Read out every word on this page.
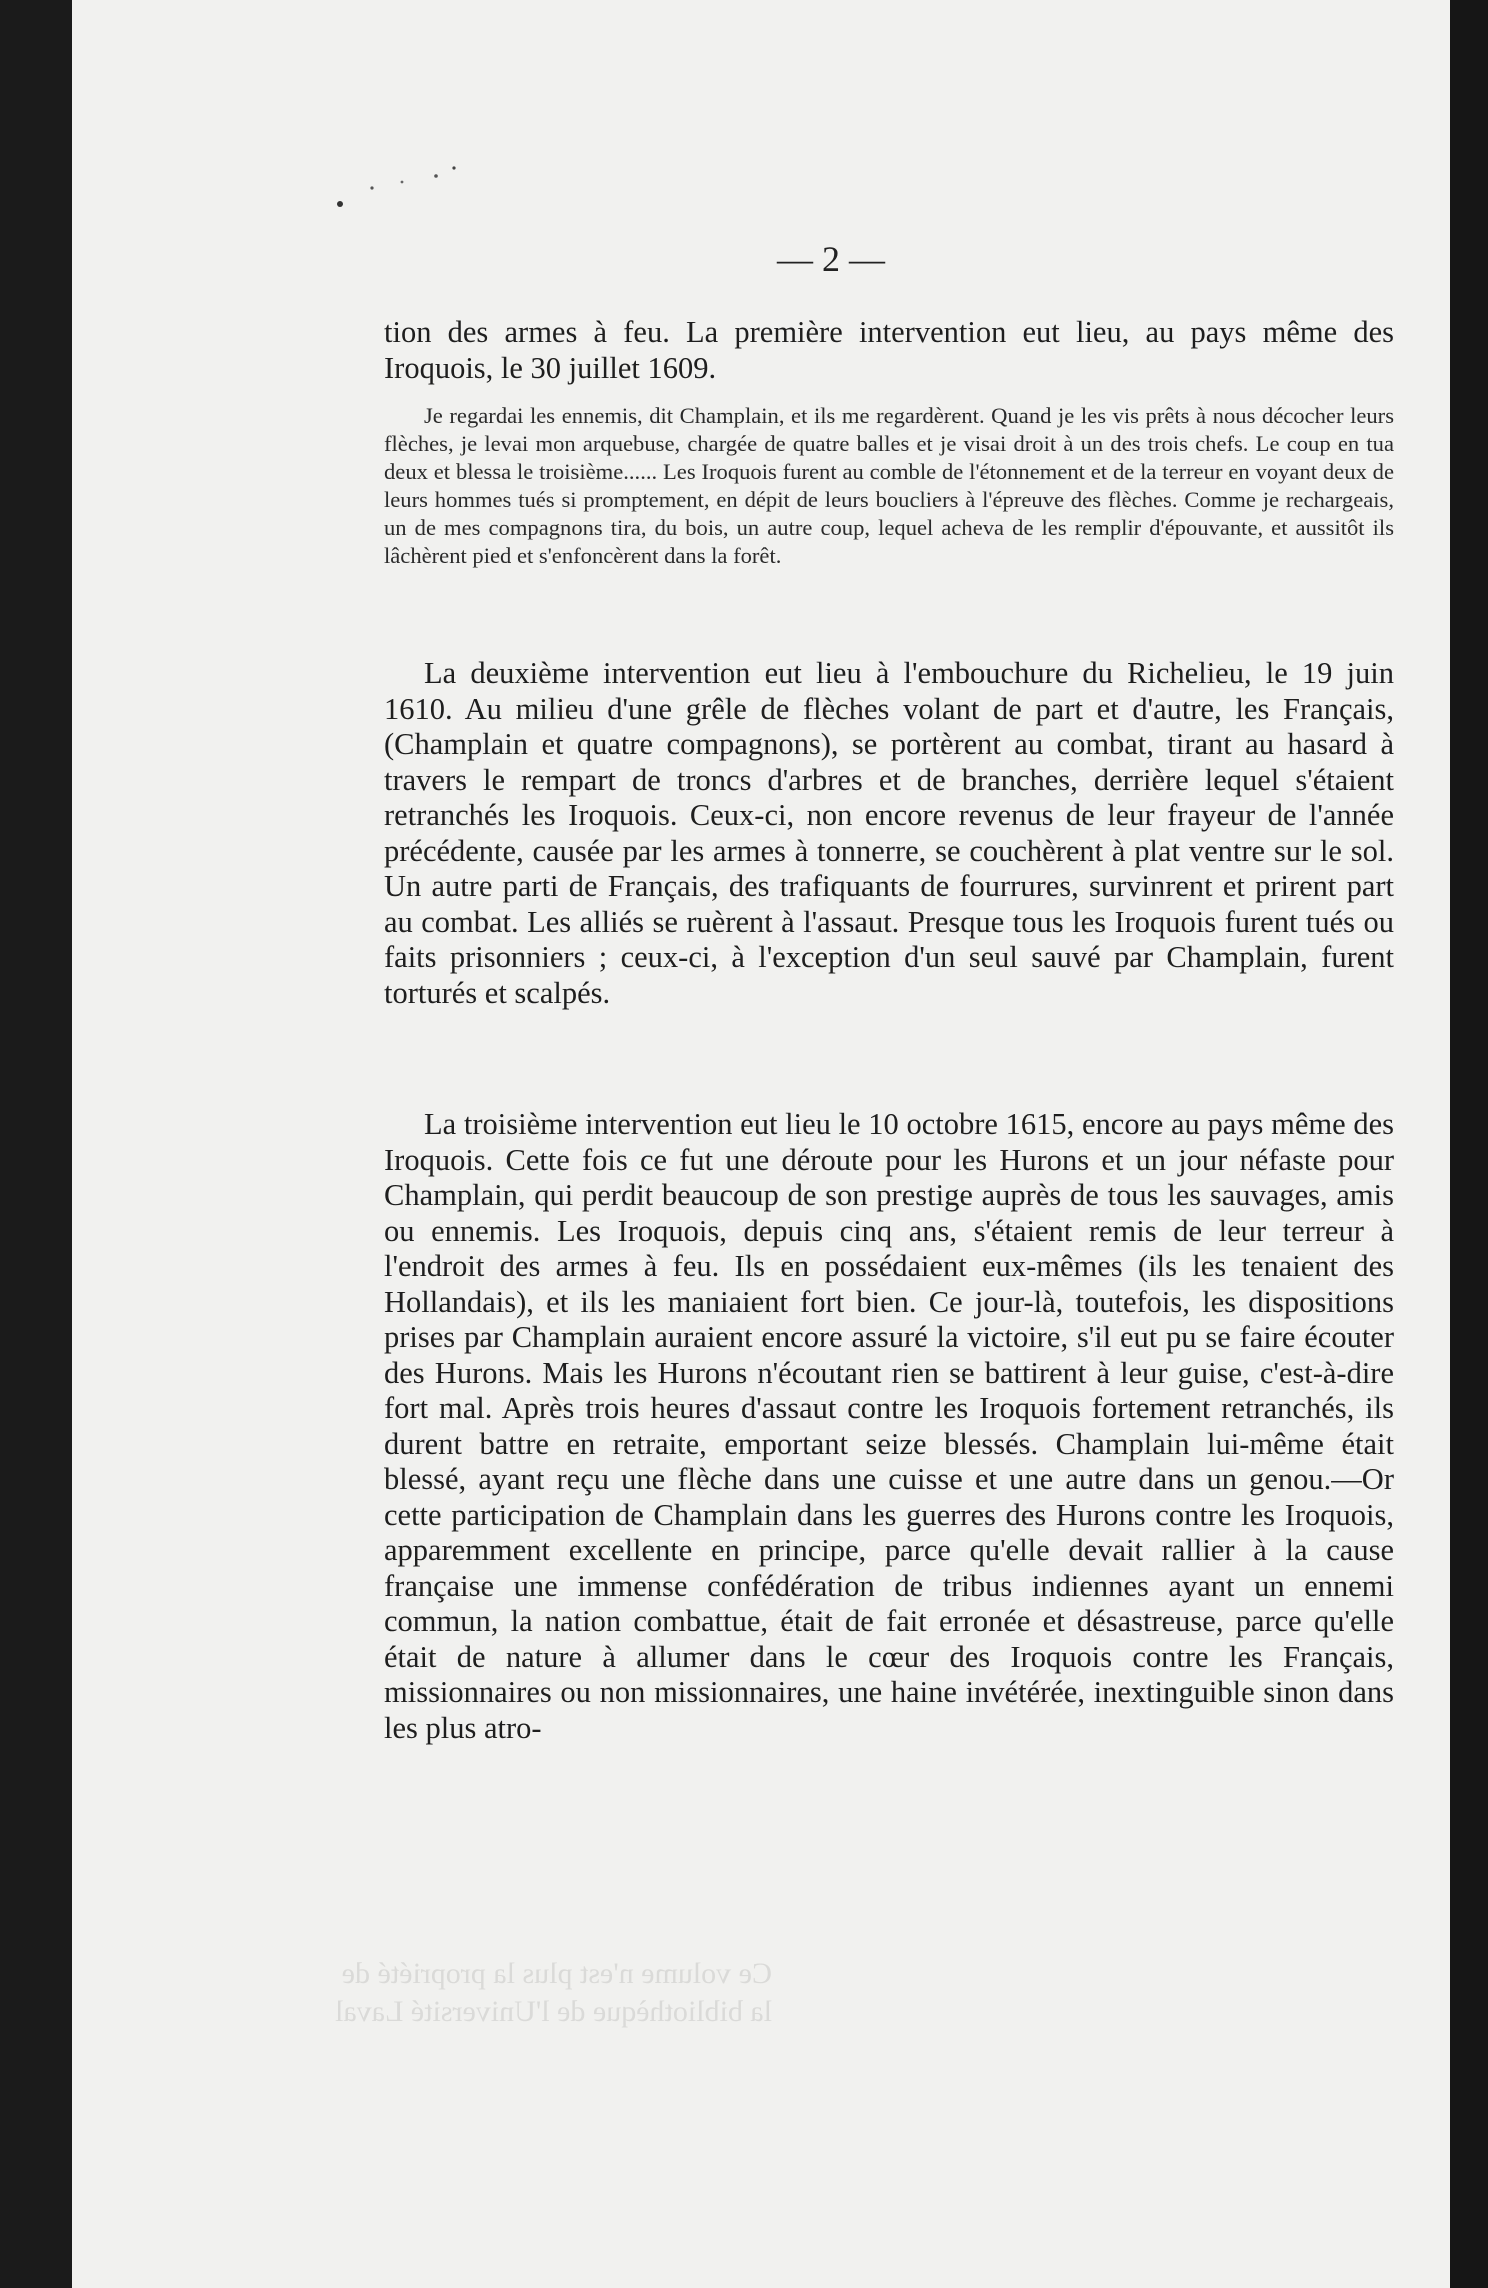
— 2 —

tion des armes à feu. La première intervention eut lieu, au pays même des Iroquois, le 30 juillet 1609.

Je regardai les ennemis, dit Champlain, et ils me regardèrent. Quand je les vis prêts à nous décocher leurs flèches, je levai mon arquebuse, chargée de quatre balles et je visai droit à un des trois chefs. Le coup en tua deux et blessa le troisième...... Les Iroquois furent au comble de l'étonnement et de la terreur en voyant deux de leurs hommes tués si promptement, en dépit de leurs boucliers à l'épreuve des flèches. Comme je rechargeais, un de mes compagnons tira, du bois, un autre coup, lequel acheva de les remplir d'épouvante, et aussitôt ils lâchèrent pied et s'enfoncèrent dans la forêt.

La deuxième intervention eut lieu à l'embouchure du Richelieu, le 19 juin 1610. Au milieu d'une grêle de flèches volant de part et d'autre, les Français, (Champlain et quatre compagnons), se portèrent au combat, tirant au hasard à travers le rempart de troncs d'arbres et de branches, derrière lequel s'étaient retranchés les Iroquois. Ceux-ci, non encore revenus de leur frayeur de l'année précédente, causée par les armes à tonnerre, se couchèrent à plat ventre sur le sol. Un autre parti de Français, des trafiquants de fourrures, survinrent et prirent part au combat. Les alliés se ruèrent à l'assaut. Presque tous les Iroquois furent tués ou faits prisonniers ; ceux-ci, à l'exception d'un seul sauvé par Champlain, furent torturés et scalpés.

La troisième intervention eut lieu le 10 octobre 1615, encore au pays même des Iroquois. Cette fois ce fut une déroute pour les Hurons et un jour néfaste pour Champlain, qui perdit beaucoup de son prestige auprès de tous les sauvages, amis ou ennemis. Les Iroquois, depuis cinq ans, s'étaient remis de leur terreur à l'endroit des armes à feu. Ils en possédaient eux-mêmes (ils les tenaient des Hollandais), et ils les maniaient fort bien. Ce jour-là, toutefois, les dispositions prises par Champlain auraient encore assuré la victoire, s'il eut pu se faire écouter des Hurons. Mais les Hurons n'écoutant rien se battirent à leur guise, c'est-à-dire fort mal. Après trois heures d'assaut contre les Iroquois fortement retranchés, ils durent battre en retraite, emportant seize blessés. Champlain lui-même était blessé, ayant reçu une flèche dans une cuisse et une autre dans un genou.—Or cette participation de Champlain dans les guerres des Hurons contre les Iroquois, apparemment excellente en principe, parce qu'elle devait rallier à la cause française une immense confédération de tribus indiennes ayant un ennemi commun, la nation combattue, était de fait erronée et désastreuse, parce qu'elle était de nature à allumer dans le cœur des Iroquois contre les Français, missionnaires ou non missionnaires, une haine invétérée, inextinguible sinon dans les plus atro-

Ce volume n'est plus la propriété de
la bibliothèque de l'Université Laval
